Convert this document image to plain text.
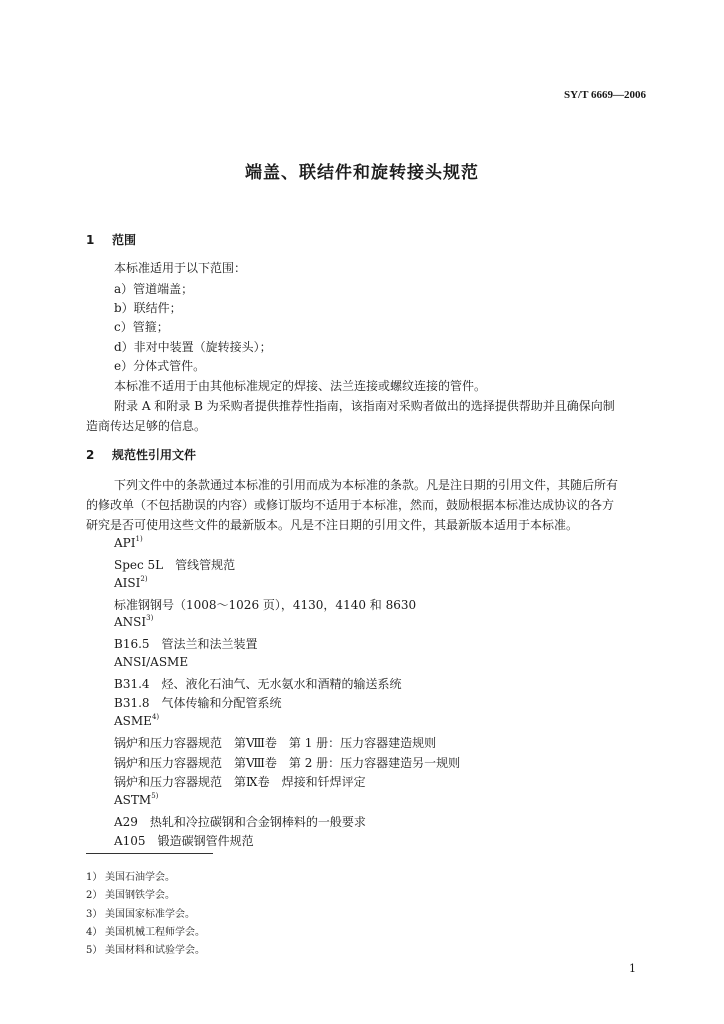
SY/T 6669—2006
端盖、联结件和旋转接头规范
1 范围
本标准适用于以下范围：
a）管道端盖；
b）联结件；
c）管箍；
d）非对中装置（旋转接头）；
e）分体式管件。
本标准不适用于由其他标准规定的焊接、法兰连接或螺纹连接的管件。
附录 A 和附录 B 为采购者提供推荐性指南，该指南对采购者做出的选择提供帮助并且确保向制
造商传达足够的信息。
2 规范性引用文件
下列文件中的条款通过本标准的引用而成为本标准的条款。凡是注日期的引用文件，其随后所有
的修改单（不包括勘误的内容）或修订版均不适用于本标准，然而，鼓励根据本标准达成协议的各方
研究是否可使用这些文件的最新版本。凡是不注日期的引用文件，其最新版本适用于本标准。
API$^{1)}$
Spec 5L　管线管规范
AISI$^{2)}$
标准钢钢号（1008～1026 页），4130，4140 和 8630
ANSI$^{3)}$
B16.5　管法兰和法兰装置
ANSI/ASME
B31.4　烃、液化石油气、无水氨水和酒精的输送系统
B31.8　气体传输和分配管系统
ASME$^{4)}$
锅炉和压力容器规范　第Ⅷ卷　第 1 册：压力容器建造规则
锅炉和压力容器规范　第Ⅷ卷　第 2 册：压力容器建造另一规则
锅炉和压力容器规范　第Ⅸ卷　焊接和钎焊评定
ASTM$^{5)}$
A29　热轧和冷拉碳钢和合金钢棒料的一般要求
A105　锻造碳钢管件规范
1） 美国石油学会。
2） 美国钢铁学会。
3） 美国国家标准学会。
4） 美国机械工程师学会。
5） 美国材料和试验学会。
1
